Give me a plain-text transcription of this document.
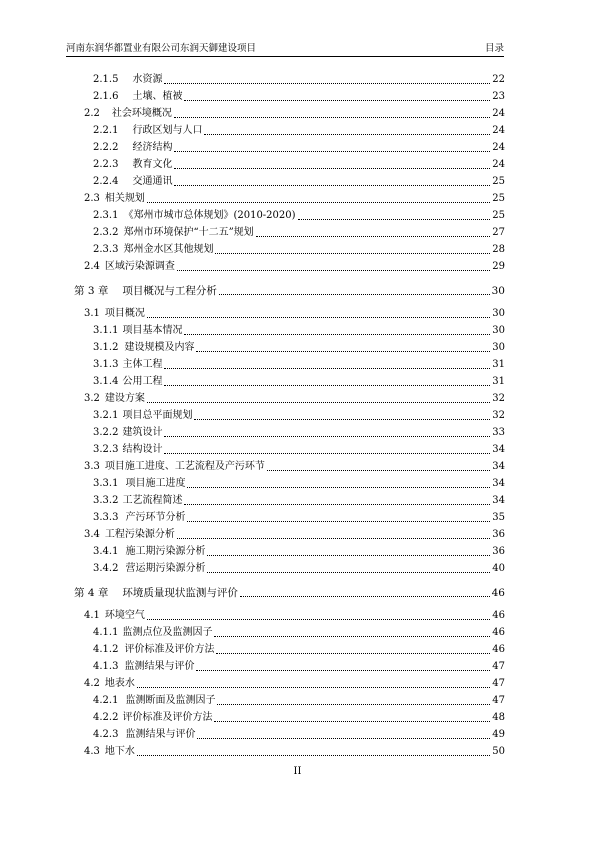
河南东润华都置业有限公司东润天御建设项目	目录
2.1.5 水资源	22
2.1.6 土壤、植被	23
2.2 社会环境概况	24
2.2.1 行政区划与人口	24
2.2.2 经济结构	24
2.2.3 教育文化	24
2.2.4 交通通讯	25
2.3 相关规划	25
2.3.1 《郑州市城市总体规划》(2010-2020)	25
2.3.2 郑州市环境保护“十二五”规划	27
2.3.3 郑州金水区其他规划	28
2.4 区域污染源调查	29
第 3 章 项目概况与工程分析	30
3.1 项目概况	30
3.1.1 项目基本情况	30
3.1.2 建设规模及内容	30
3.1.3 主体工程	31
3.1.4 公用工程	31
3.2 建设方案	32
3.2.1 项目总平面规划	32
3.2.2 建筑设计	33
3.2.3 结构设计	34
3.3 项目施工进度、工艺流程及产污环节	34
3.3.1 项目施工进度	34
3.3.2 工艺流程简述	34
3.3.3 产污环节分析	35
3.4 工程污染源分析	36
3.4.1 施工期污染源分析	36
3.4.2 营运期污染源分析	40
第 4 章 环境质量现状监测与评价	46
4.1 环境空气	46
4.1.1 监测点位及监测因子	46
4.1.2 评价标准及评价方法	46
4.1.3 监测结果与评价	47
4.2 地表水	47
4.2.1 监测断面及监测因子	47
4.2.2 评价标准及评价方法	48
4.2.3 监测结果与评价	49
4.3 地下水	50
II
